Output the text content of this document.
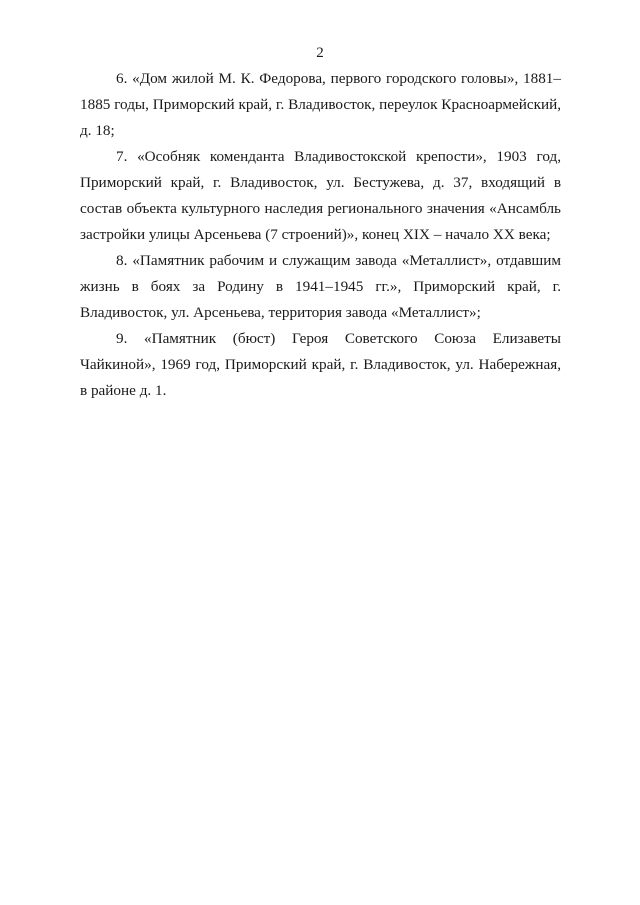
2

6. «Дом жилой М. К. Федорова, первого городского головы», 1881–1885 годы, Приморский край, г. Владивосток, переулок Красноармейский, д. 18;

7. «Особняк коменданта Владивостокской крепости», 1903 год, Приморский край, г. Владивосток, ул. Бестужева, д. 37, входящий в состав объекта культурного наследия регионального значения «Ансамбль застройки улицы Арсеньева (7 строений)», конец XIX – начало XX века;

8. «Памятник рабочим и служащим завода «Металлист», отдавшим жизнь в боях за Родину в 1941–1945 гг.», Приморский край, г. Владивосток, ул. Арсеньева, территория завода «Металлист»;

9. «Памятник (бюст) Героя Советского Союза Елизаветы Чайкиной», 1969 год, Приморский край, г. Владивосток, ул. Набережная, в районе д. 1.
